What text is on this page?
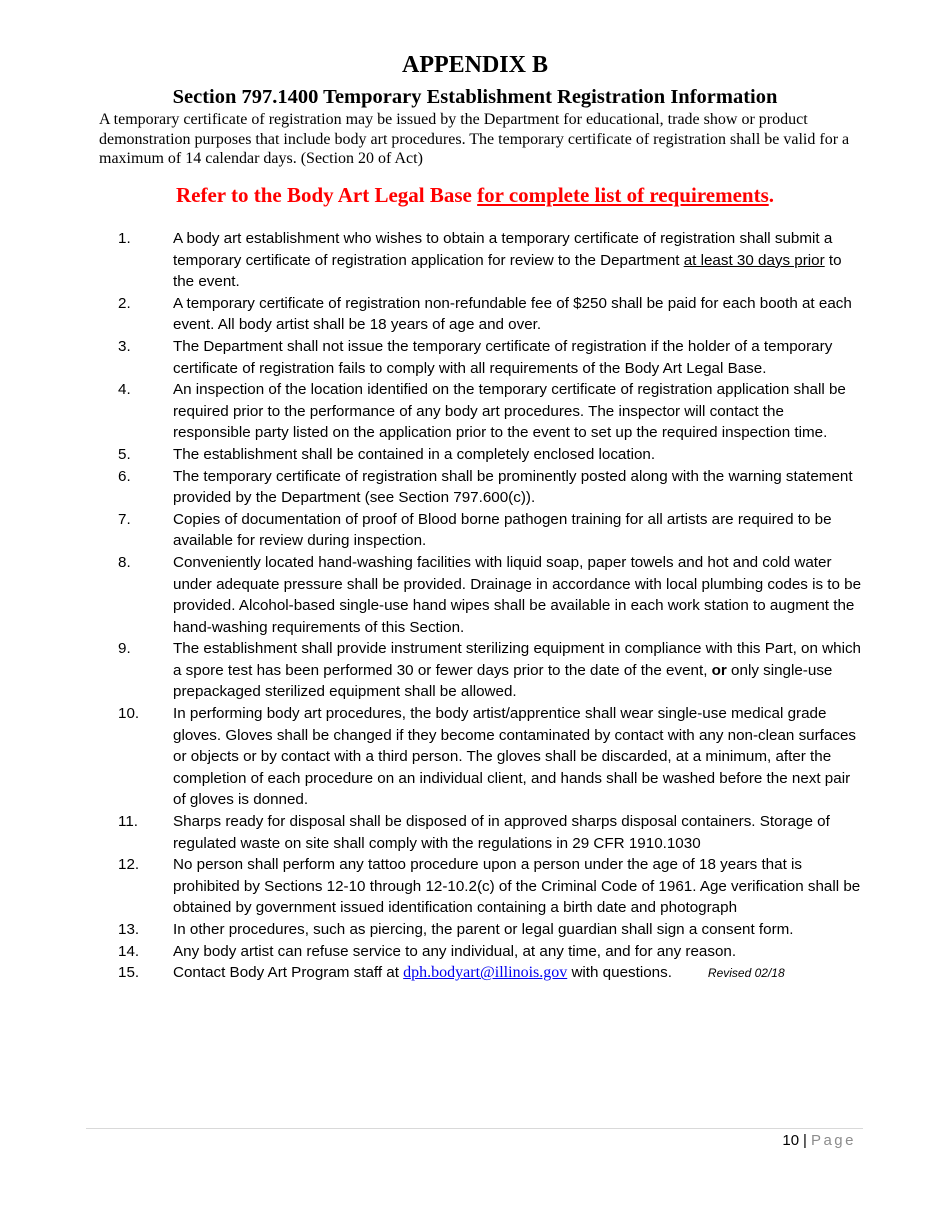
APPENDIX B
Section 797.1400 Temporary Establishment Registration Information

A temporary certificate of registration may be issued by the Department for educational, trade show or product demonstration purposes that include body art procedures. The temporary certificate of registration shall be valid for a maximum of 14 calendar days. (Section 20 of Act)

Refer to the Body Art Legal Base for complete list of requirements.

1.	A body art establishment who wishes to obtain a temporary certificate of registration shall submit a temporary certificate of registration application for review to the Department at least 30 days prior to the event.
2.	A temporary certificate of registration non-refundable fee of $250 shall be paid for each booth at each event. All body artist shall be 18 years of age and over.
3.	The Department shall not issue the temporary certificate of registration if the holder of a temporary certificate of registration fails to comply with all requirements of the Body Art Legal Base.
4.	An inspection of the location identified on the temporary certificate of registration application shall be required prior to the performance of any body art procedures. The inspector will contact the responsible party listed on the application prior to the event to set up the required inspection time.
5.	The establishment shall be contained in a completely enclosed location.
6.	The temporary certificate of registration shall be prominently posted along with the warning statement provided by the Department (see Section 797.600(c)).
7.	Copies of documentation of proof of Blood borne pathogen training for all artists are required to be available for review during inspection.
8.	Conveniently located hand-washing facilities with liquid soap, paper towels and hot and cold water under adequate pressure shall be provided. Drainage in accordance with local plumbing codes is to be provided. Alcohol-based single-use hand wipes shall be available in each work station to augment the hand-washing requirements of this Section.
9.	The establishment shall provide instrument sterilizing equipment in compliance with this Part, on which a spore test has been performed 30 or fewer days prior to the date of the event, or only single-use prepackaged sterilized equipment shall be allowed.
10.	In performing body art procedures, the body artist/apprentice shall wear single-use medical grade gloves. Gloves shall be changed if they become contaminated by contact with any non-clean surfaces or objects or by contact with a third person. The gloves shall be discarded, at a minimum, after the completion of each procedure on an individual client, and hands shall be washed before the next pair of gloves is donned.
11.	Sharps ready for disposal shall be disposed of in approved sharps disposal containers. Storage of regulated waste on site shall comply with the regulations in 29 CFR 1910.1030
12.	No person shall perform any tattoo procedure upon a person under the age of 18 years that is prohibited by Sections 12-10 through 12-10.2(c) of the Criminal Code of 1961. Age verification shall be obtained by government issued identification containing a birth date and photograph
13.	In other procedures, such as piercing, the parent or legal guardian shall sign a consent form.
14.	Any body artist can refuse service to any individual, at any time, and for any reason.
15.	Contact Body Art Program staff at dph.bodyart@illinois.gov with questions.	Revised 02/18
10 | Page
